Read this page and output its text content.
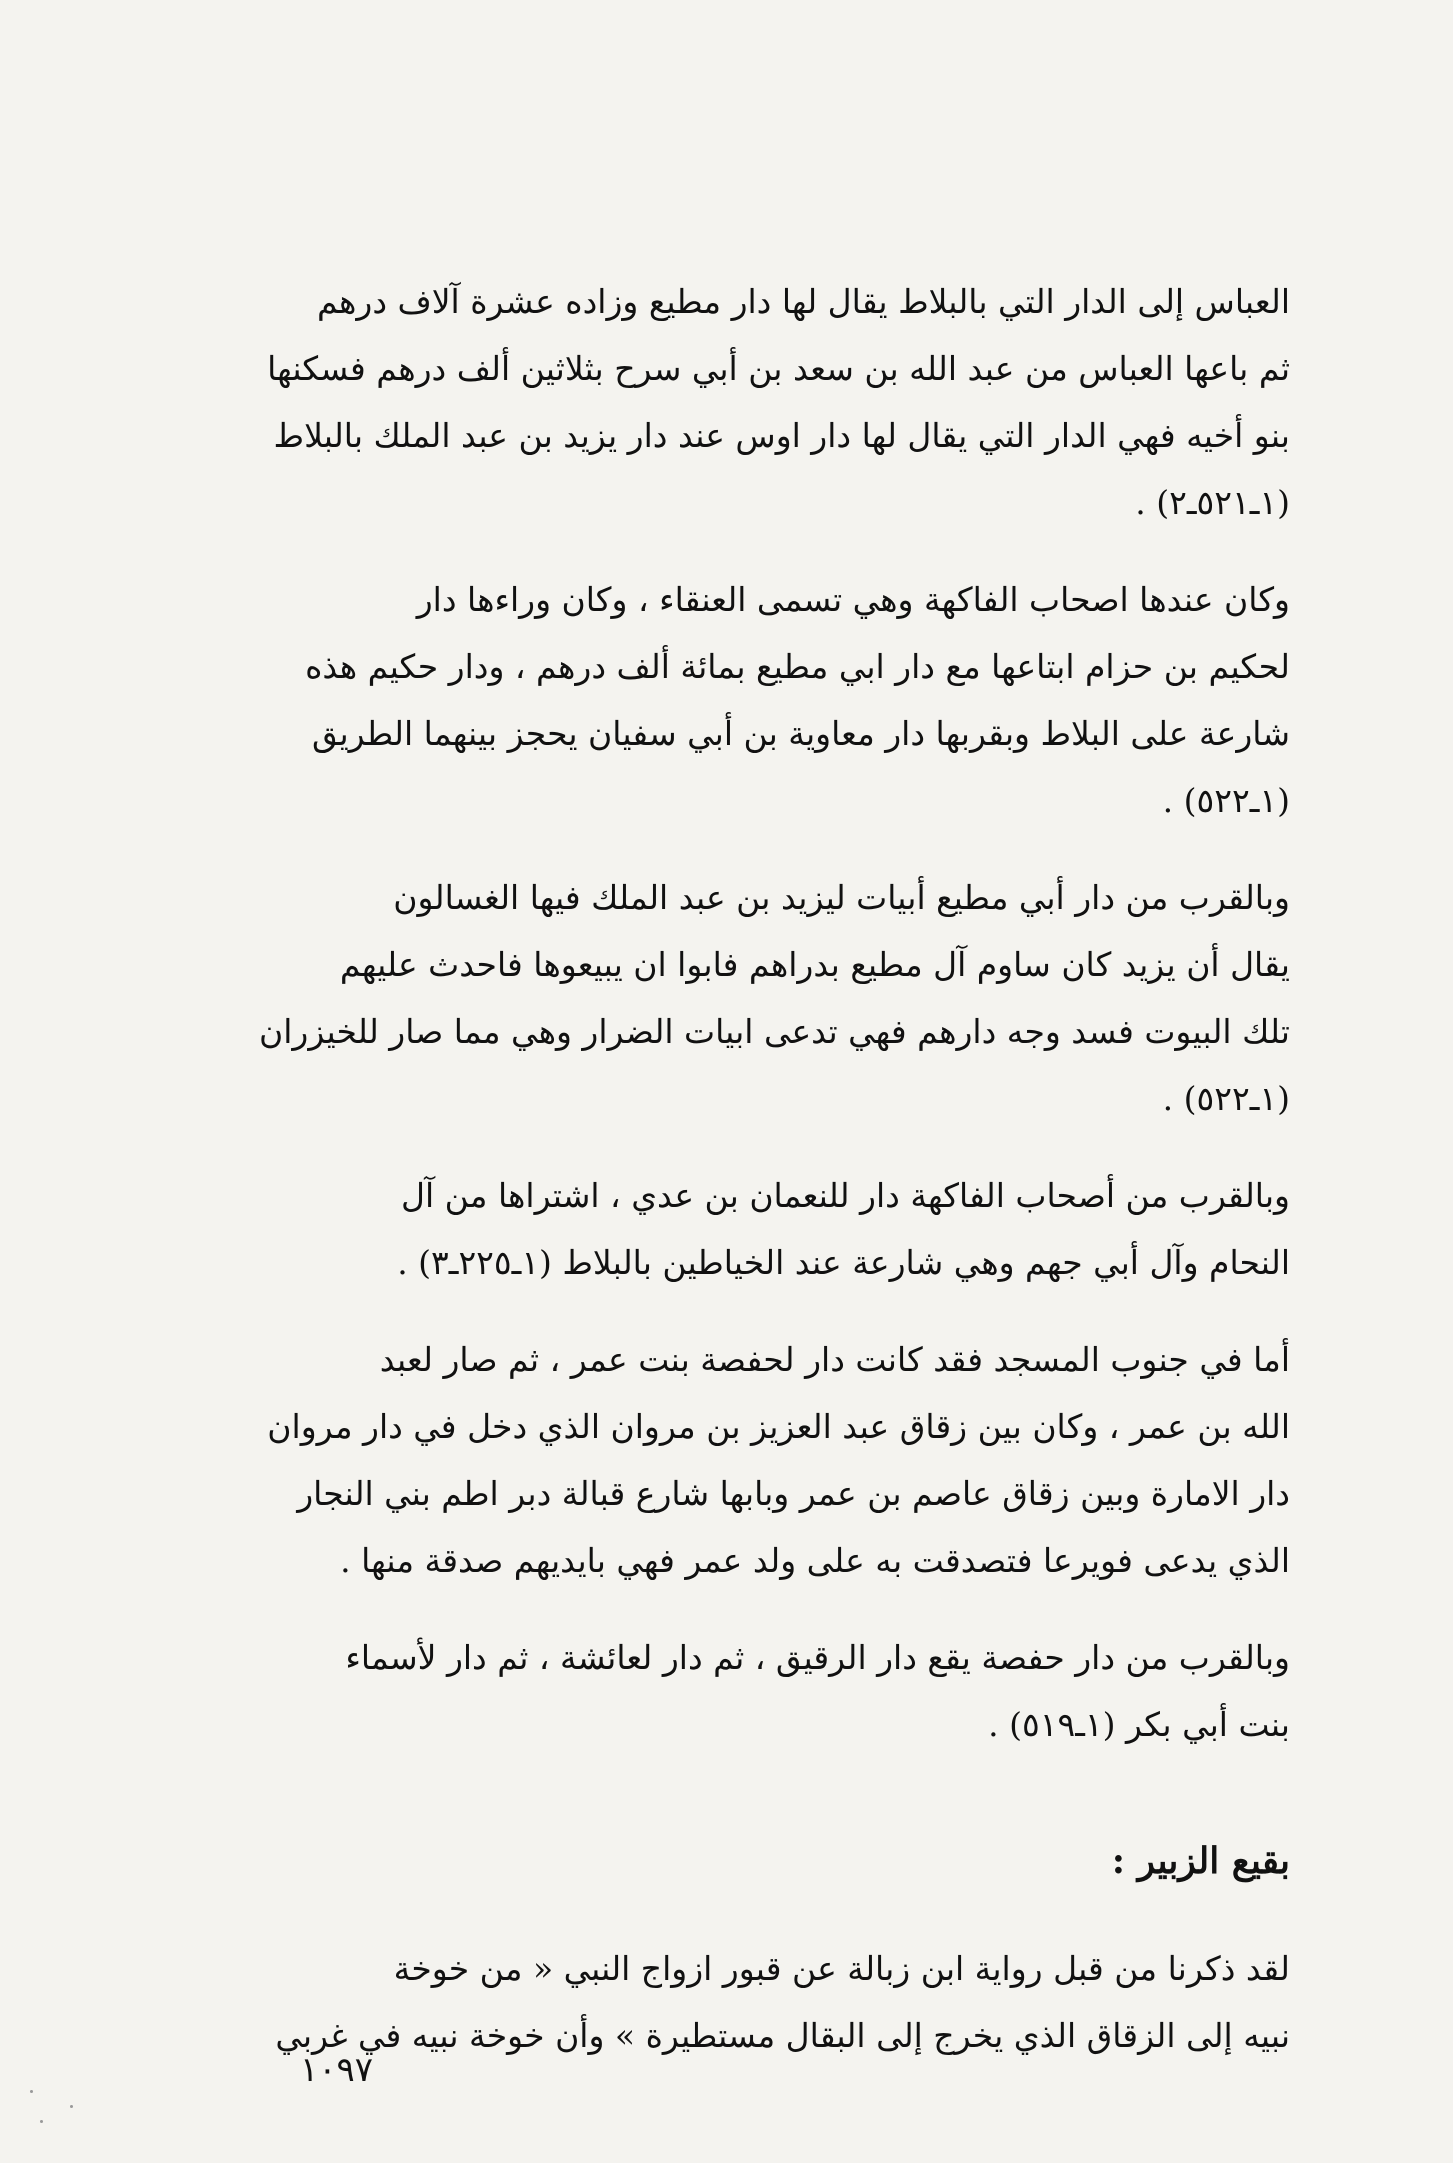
العباس إلى الدار التي بالبلاط يقال لها دار مطيع وزاده عشرة آلاف درهم
ثم باعها العباس من عبد الله بن سعد بن أبي سرح بثلاثين ألف درهم فسكنها
بنو أخيه فهي الدار التي يقال لها دار اوس عند دار يزيد بن عبد الملك بالبلاط
(١ـ٥٢١ـ٢) .

وكان عندها اصحاب الفاكهة وهي تسمى العنقاء ، وكان وراءها دار
لحكيم بن حزام ابتاعها مع دار ابي مطيع بمائة ألف درهم ، ودار حكيم هذه
شارعة على البلاط وبقربها دار معاوية بن أبي سفيان يحجز بينهما الطريق
(١ـ٥٢٢) .

وبالقرب من دار أبي مطيع أبيات ليزيد بن عبد الملك فيها الغسالون
يقال أن يزيد كان ساوم آل مطيع بدراهم فابوا ان يبيعوها فاحدث عليهم
تلك البيوت فسد وجه دارهم فهي تدعى ابيات الضرار وهي مما صار للخيزران
(١ـ٥٢٢) .

وبالقرب من أصحاب الفاكهة دار للنعمان بن عدي ، اشتراها من آل
النحام وآل أبي جهم وهي شارعة عند الخياطين بالبلاط (١ـ٢٢٥ـ٣) .

أما في جنوب المسجد فقد كانت دار لحفصة بنت عمر ، ثم صار لعبد
الله بن عمر ، وكان بين زقاق عبد العزيز بن مروان الذي دخل في دار مروان
دار الامارة وبين زقاق عاصم بن عمر وبابها شارع قبالة دبر اطم بني النجار
الذي يدعى فويرعا فتصدقت به على ولد عمر فهي بايديهم صدقة منها .

وبالقرب من دار حفصة يقع دار الرقيق ، ثم دار لعائشة ، ثم دار لأسماء
بنت أبي بكر (١ـ٥١٩) .

بقيع الزبير :

لقد ذكرنا من قبل رواية ابن زبالة عن قبور ازواج النبي « من خوخة
نبيه إلى الزقاق الذي يخرج إلى البقال مستطيرة » وأن خوخة نبيه في غربي

١٠٩٧
